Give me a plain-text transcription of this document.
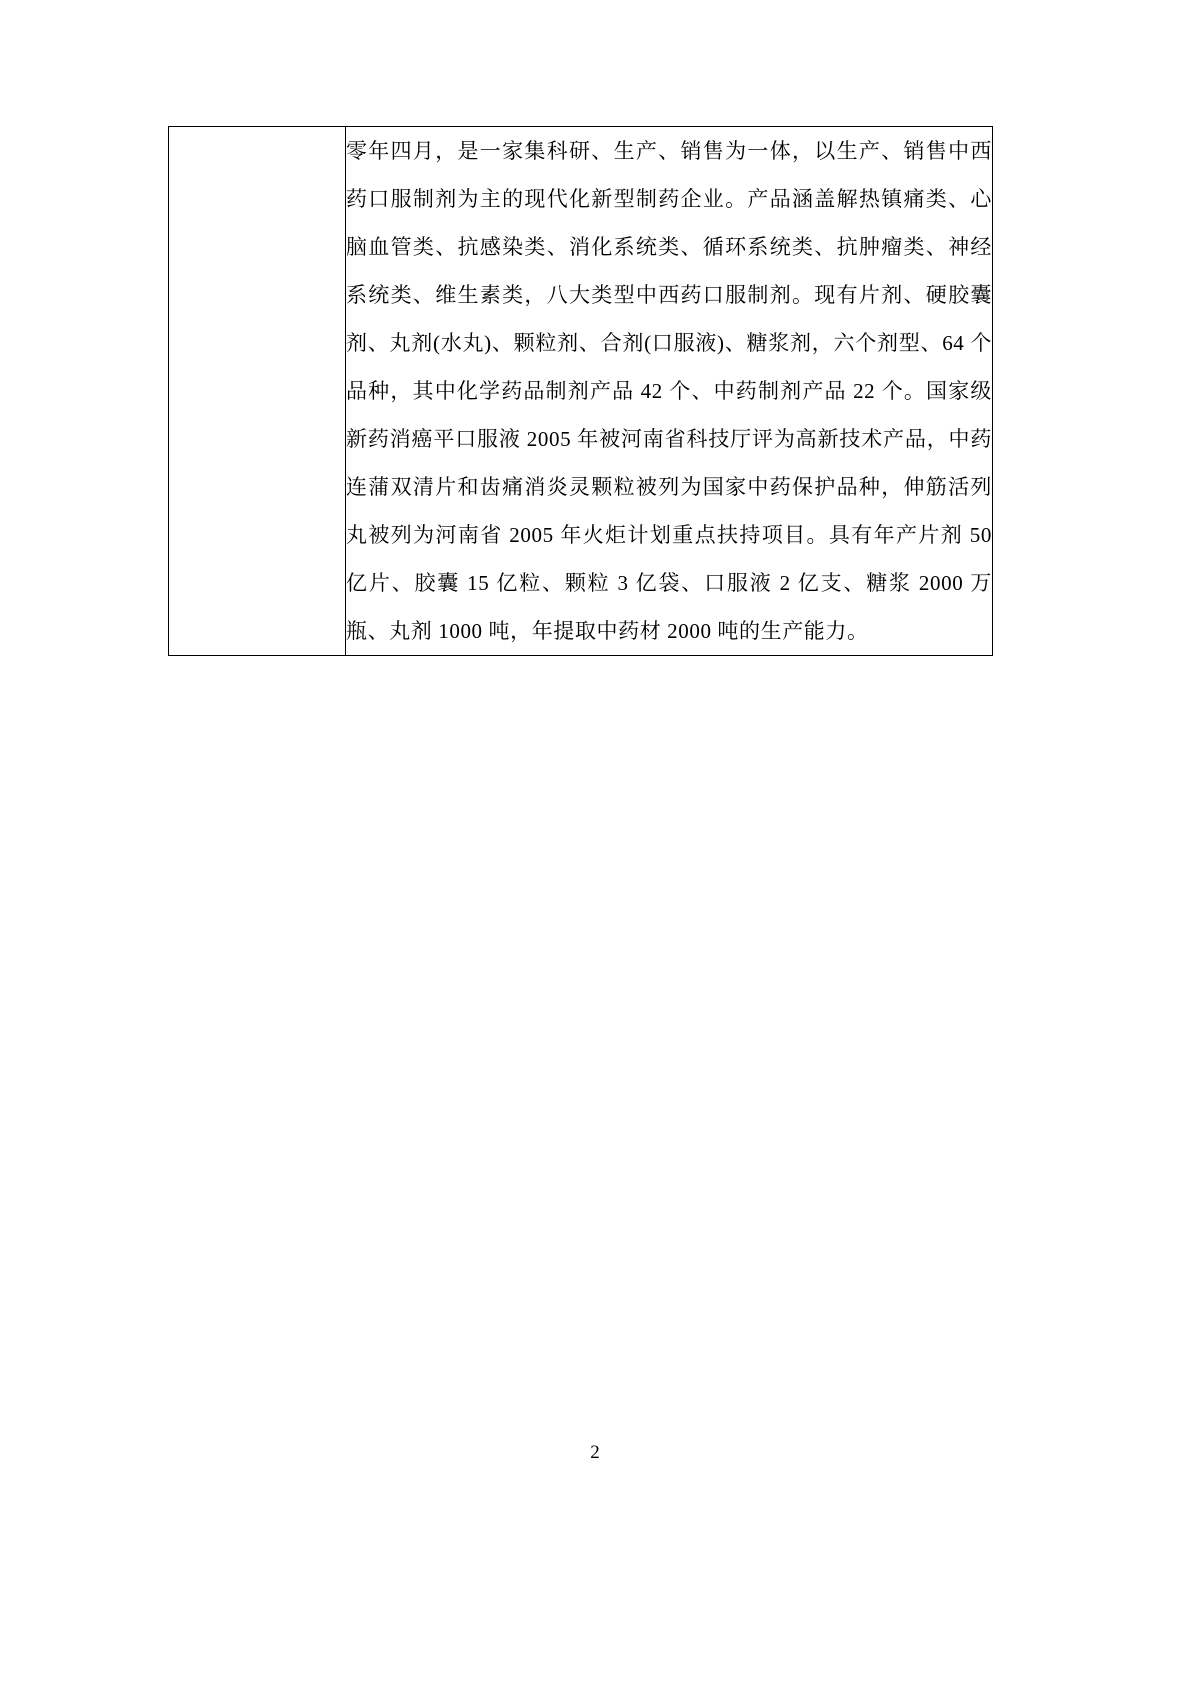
零年四月，是一家集科研、生产、销售为一体，以生产、销售中西药口服制剂为主的现代化新型制药企业。产品涵盖解热镇痛类、心脑血管类、抗感染类、消化系统类、循环系统类、抗肿瘤类、神经系统类、维生素类，八大类型中西药口服制剂。现有片剂、硬胶囊剂、丸剂(水丸)、颗粒剂、合剂(口服液)、糖浆剂，六个剂型、64 个品种，其中化学药品制剂产品 42 个、中药制剂产品 22 个。国家级新药消癌平口服液 2005 年被河南省科技厅评为高新技术产品，中药连蒲双清片和齿痛消炎灵颗粒被列为国家中药保护品种，伸筋活列丸被列为河南省 2005 年火炬计划重点扶持项目。具有年产片剂 50 亿片、胶囊 15 亿粒、颗粒 3 亿袋、口服液 2 亿支、糖浆 2000 万瓶、丸剂 1000 吨，年提取中药材 2000 吨的生产能力。

2
